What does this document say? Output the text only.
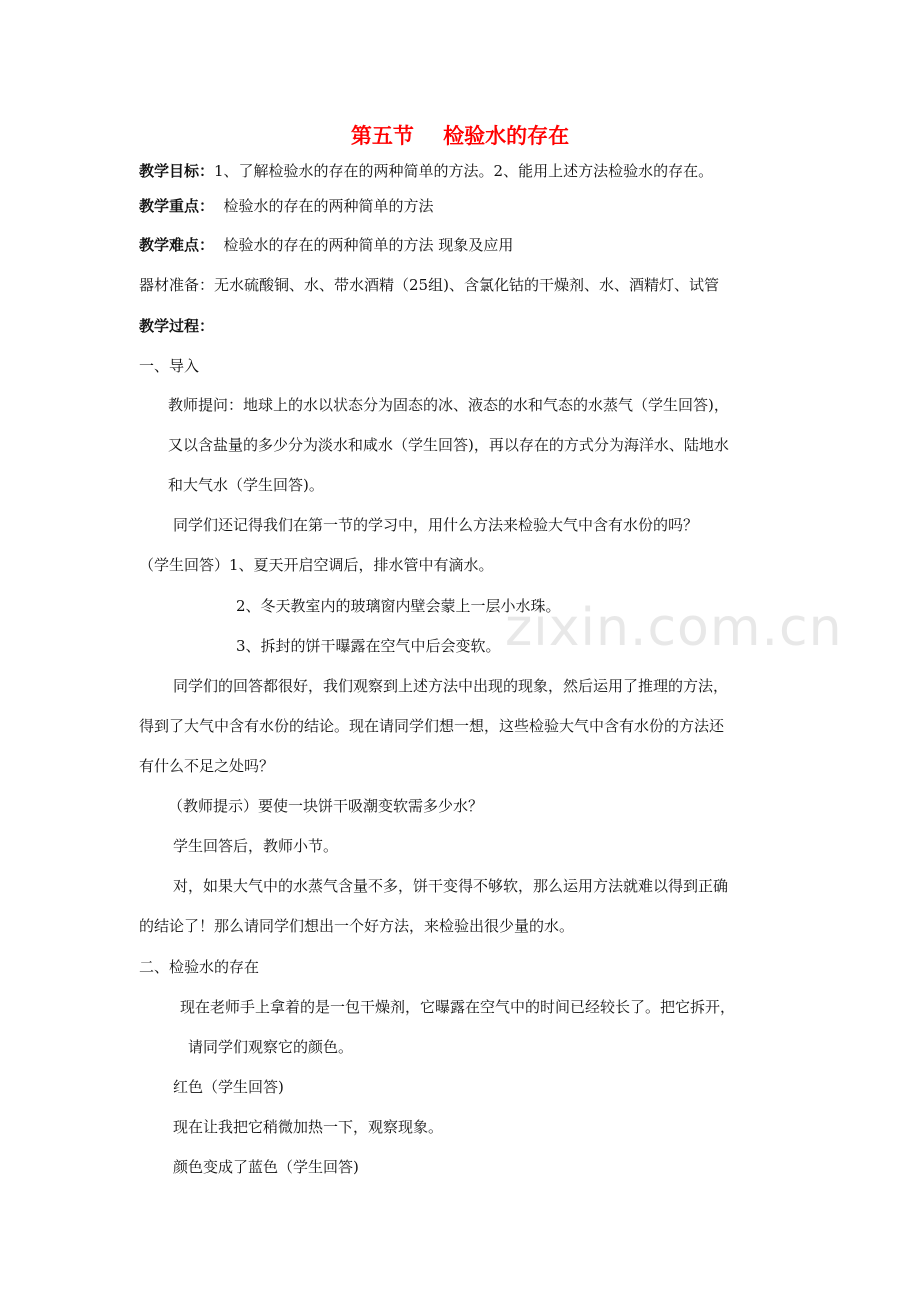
zixin.com.cn
第五节    检验水的存在
教学目标：1、了解检验水的存在的两种简单的方法。2、能用上述方法检验水的存在。
教学重点：  检验水的存在的两种简单的方法
教学难点：  检验水的存在的两种简单的方法 现象及应用
器材准备：无水硫酸铜、水、带水酒精（25组)、含氯化钴的干燥剂、水、酒精灯、试管
教学过程：
一、导入
教师提问：地球上的水以状态分为固态的冰、液态的水和气态的水蒸气（学生回答)，
又以含盐量的多少分为淡水和咸水（学生回答)，再以存在的方式分为海洋水、陆地水
和大气水（学生回答)。
同学们还记得我们在第一节的学习中，用什么方法来检验大气中含有水份的吗？
（学生回答）1、夏天开启空调后，排水管中有滴水。
2、冬天教室内的玻璃窗内壁会蒙上一层小水珠。
3、拆封的饼干曝露在空气中后会变软。
同学们的回答都很好，我们观察到上述方法中出现的现象，然后运用了推理的方法，
得到了大气中含有水份的结论。现在请同学们想一想，这些检验大气中含有水份的方法还
有什么不足之处吗？
（教师提示）要使一块饼干吸潮变软需多少水？
学生回答后，教师小节。
对，如果大气中的水蒸气含量不多，饼干变得不够软，那么运用方法就难以得到正确
的结论了！那么请同学们想出一个好方法，来检验出很少量的水。
二、检验水的存在
现在老师手上拿着的是一包干燥剂，它曝露在空气中的时间已经较长了。把它拆开，
请同学们观察它的颜色。
红色（学生回答)
现在让我把它稍微加热一下，观察现象。
颜色变成了蓝色（学生回答)
